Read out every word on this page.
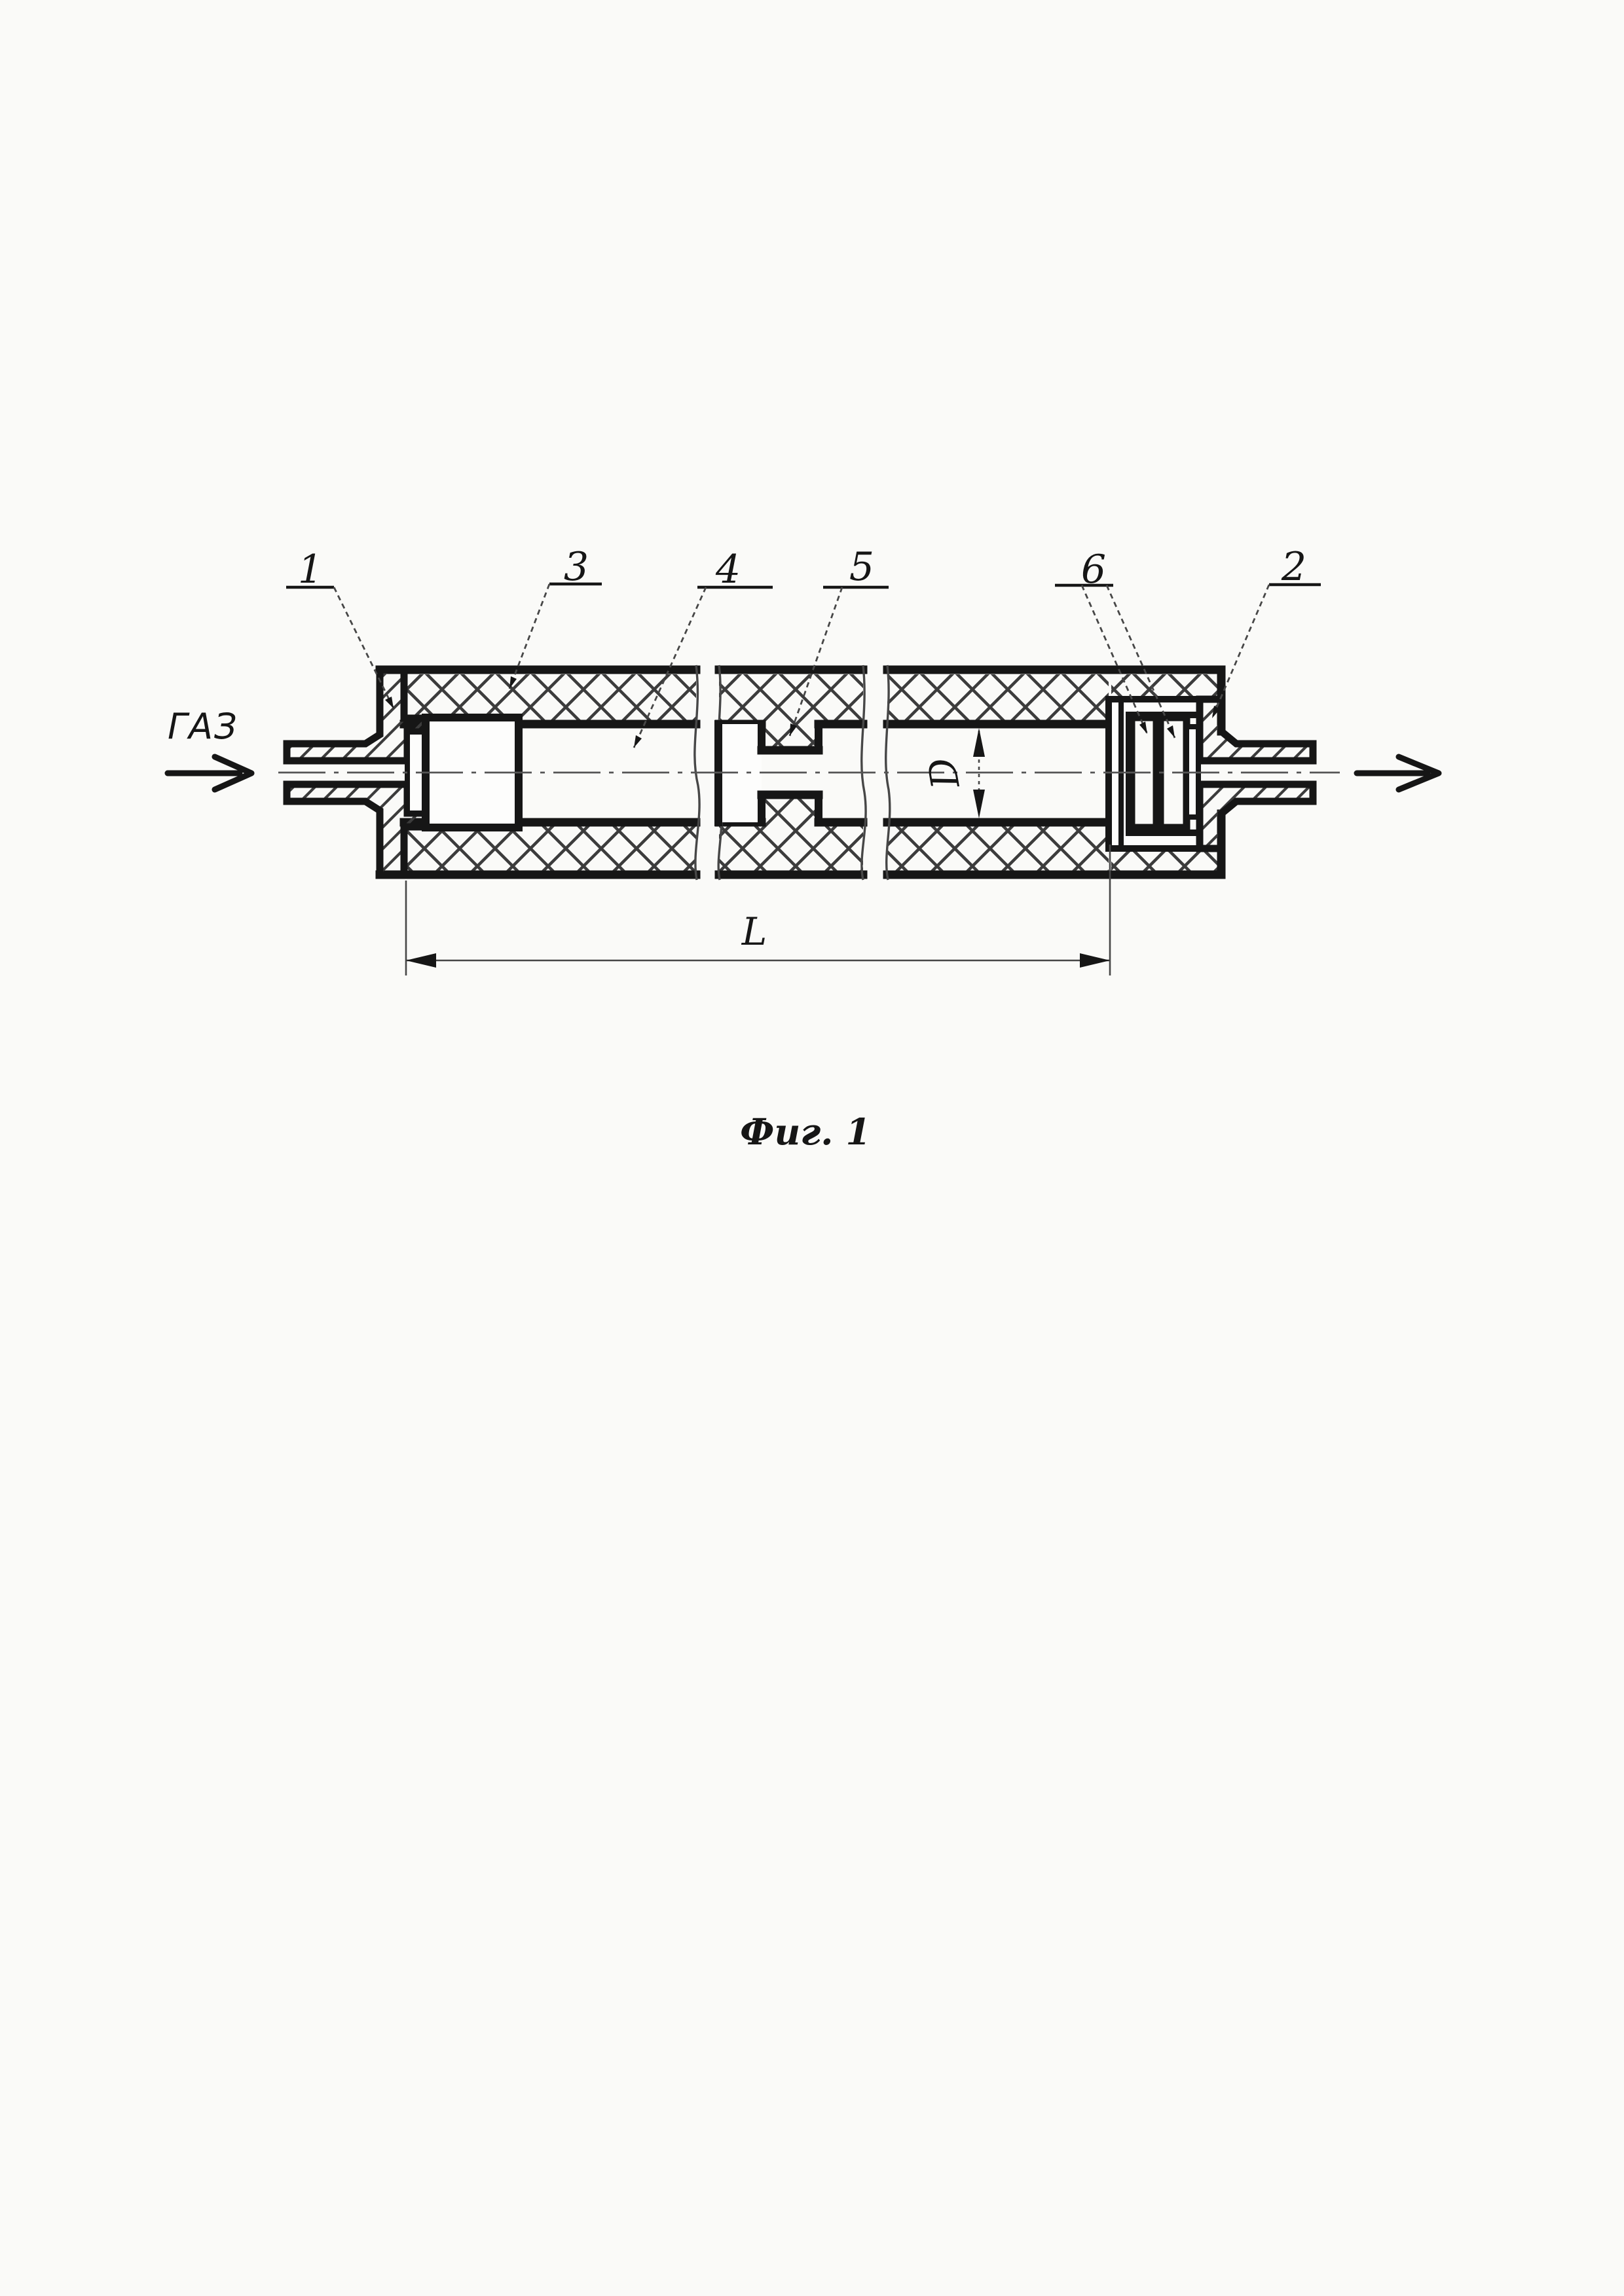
ГАЗ
D
L
1	3	4	5	6	2
Фиг. 1
